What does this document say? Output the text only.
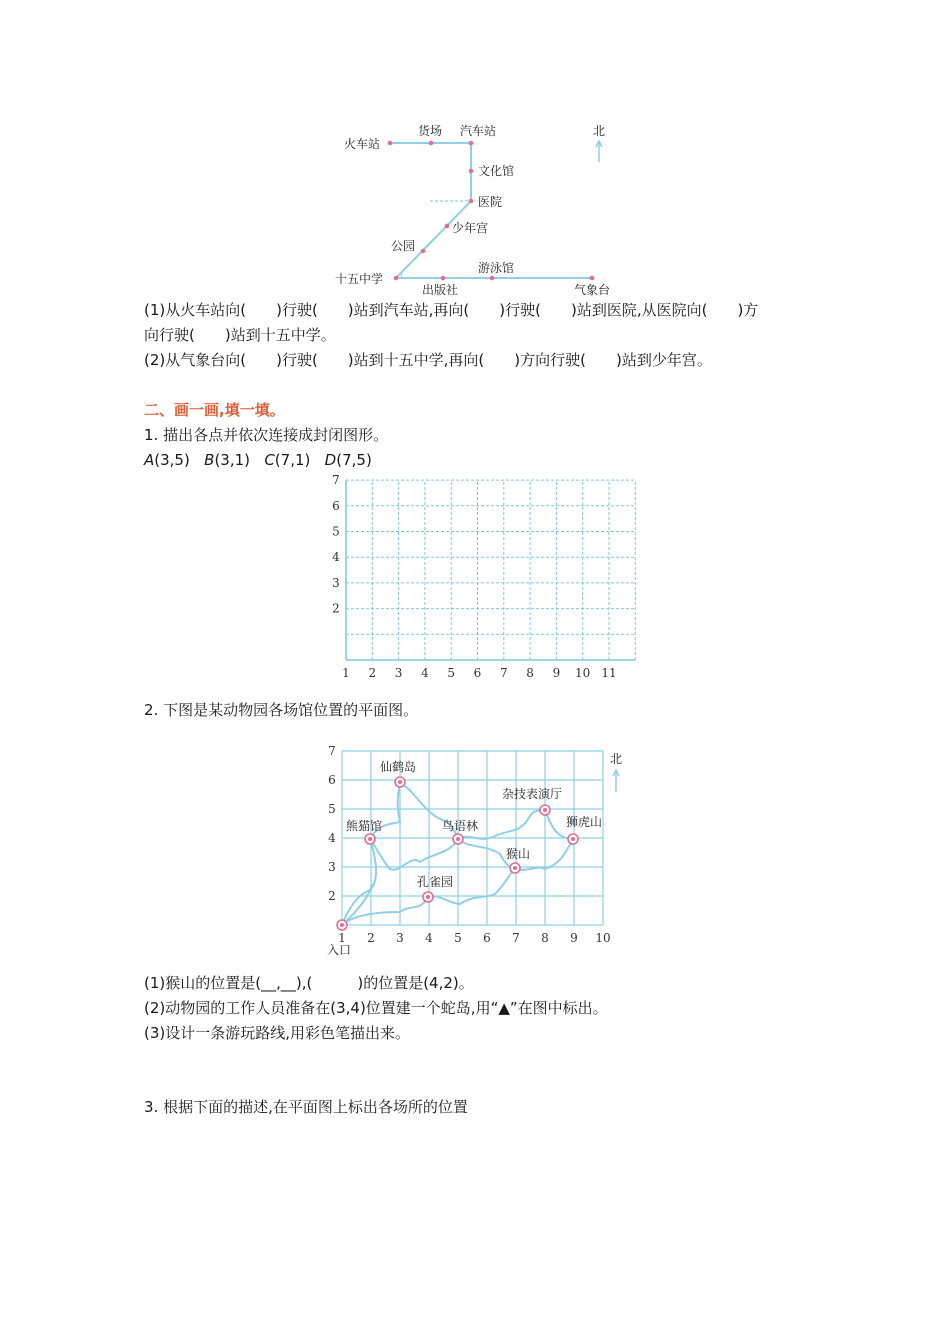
火车站
货场 汽车站
文化馆
医院
少年宫
公园
十五中学
出版社
游泳馆
气象台
北
(1)从火车站向(　　)行驶(　　)站到汽车站,再向(　　)行驶(　　)站到医院,从医院向(　　)方
向行驶(　　)站到十五中学。
(2)从气象台向(　　)行驶(　　)站到十五中学,再向(　　)方向行驶(　　)站到少年宫。
二、画一画,填一填。
1. 描出各点并依次连接成封闭图形。
A(3,5) B(3,1) C(7,1) D(7,5)
1 2 3 4 5 6 7 8 9 10 11
2
3
4
5
6
7
2. 下图是某动物园各场馆位置的平面图。
1 2 3 4 5 6 7 8 9 10
2
3
4
5
6
7
仙鹤岛
杂技表演厅
熊猫馆	鸟语林	狮虎山
猴山
孔雀园
入口
北
(1)猴山的位置是(__,__),(　　　)的位置是(4,2)。
(2)动物园的工作人员准备在(3,4)位置建一个蛇岛,用“▲”在图中标出。
(3)设计一条游玩路线,用彩色笔描出来。
3. 根据下面的描述,在平面图上标出各场所的位置
